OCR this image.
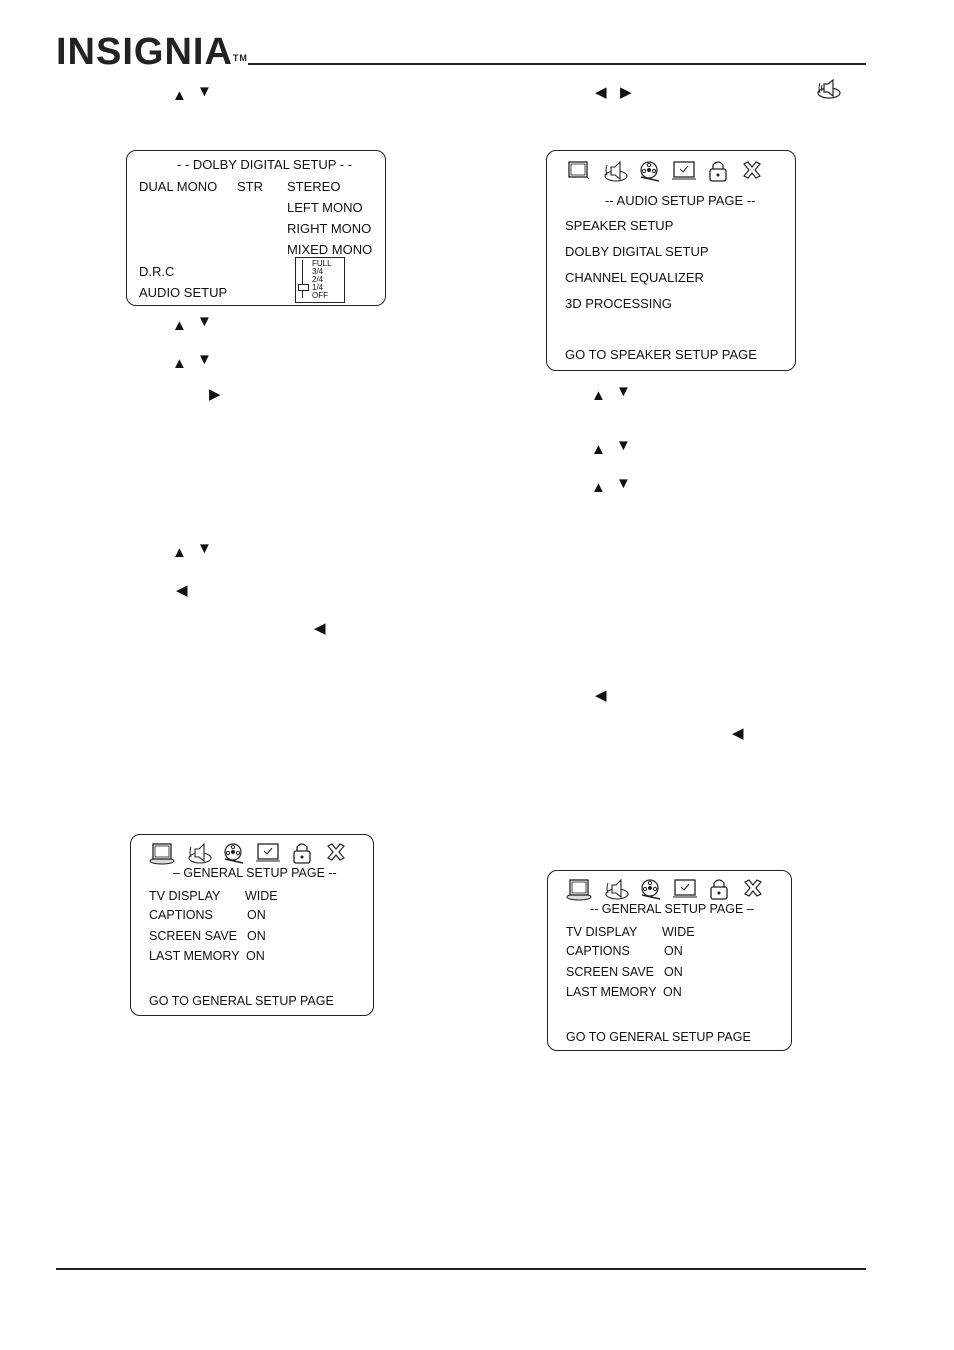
INSIGNIA™
▲ ▼
▲ ▼
▲ ▼
▶
▲ ▼
◀
◀
◀ ▶
▲ ▼
▲ ▼
▲ ▼
◀
◀
- - DOLBY DIGITAL SETUP - -
DUAL MONO STR STEREO
LEFT MONO
RIGHT MONO
MIXED MONO
D.R.C
AUDIO SETUP
FULL
3/4
2/4
1/4
OFF
-- AUDIO SETUP PAGE --
SPEAKER SETUP
DOLBY DIGITAL SETUP
CHANNEL EQUALIZER
3D PROCESSING
GO TO SPEAKER SETUP PAGE
– GENERAL SETUP PAGE --
TV DISPLAY WIDE
CAPTIONS	ON
SCREEN SAVE ON
LAST MEMORY ON
GO TO GENERAL SETUP PAGE
-- GENERAL SETUP PAGE –
TV DISPLAY WIDE
CAPTIONS	ON
SCREEN SAVE ON
LAST MEMORY ON
GO TO GENERAL SETUP PAGE
